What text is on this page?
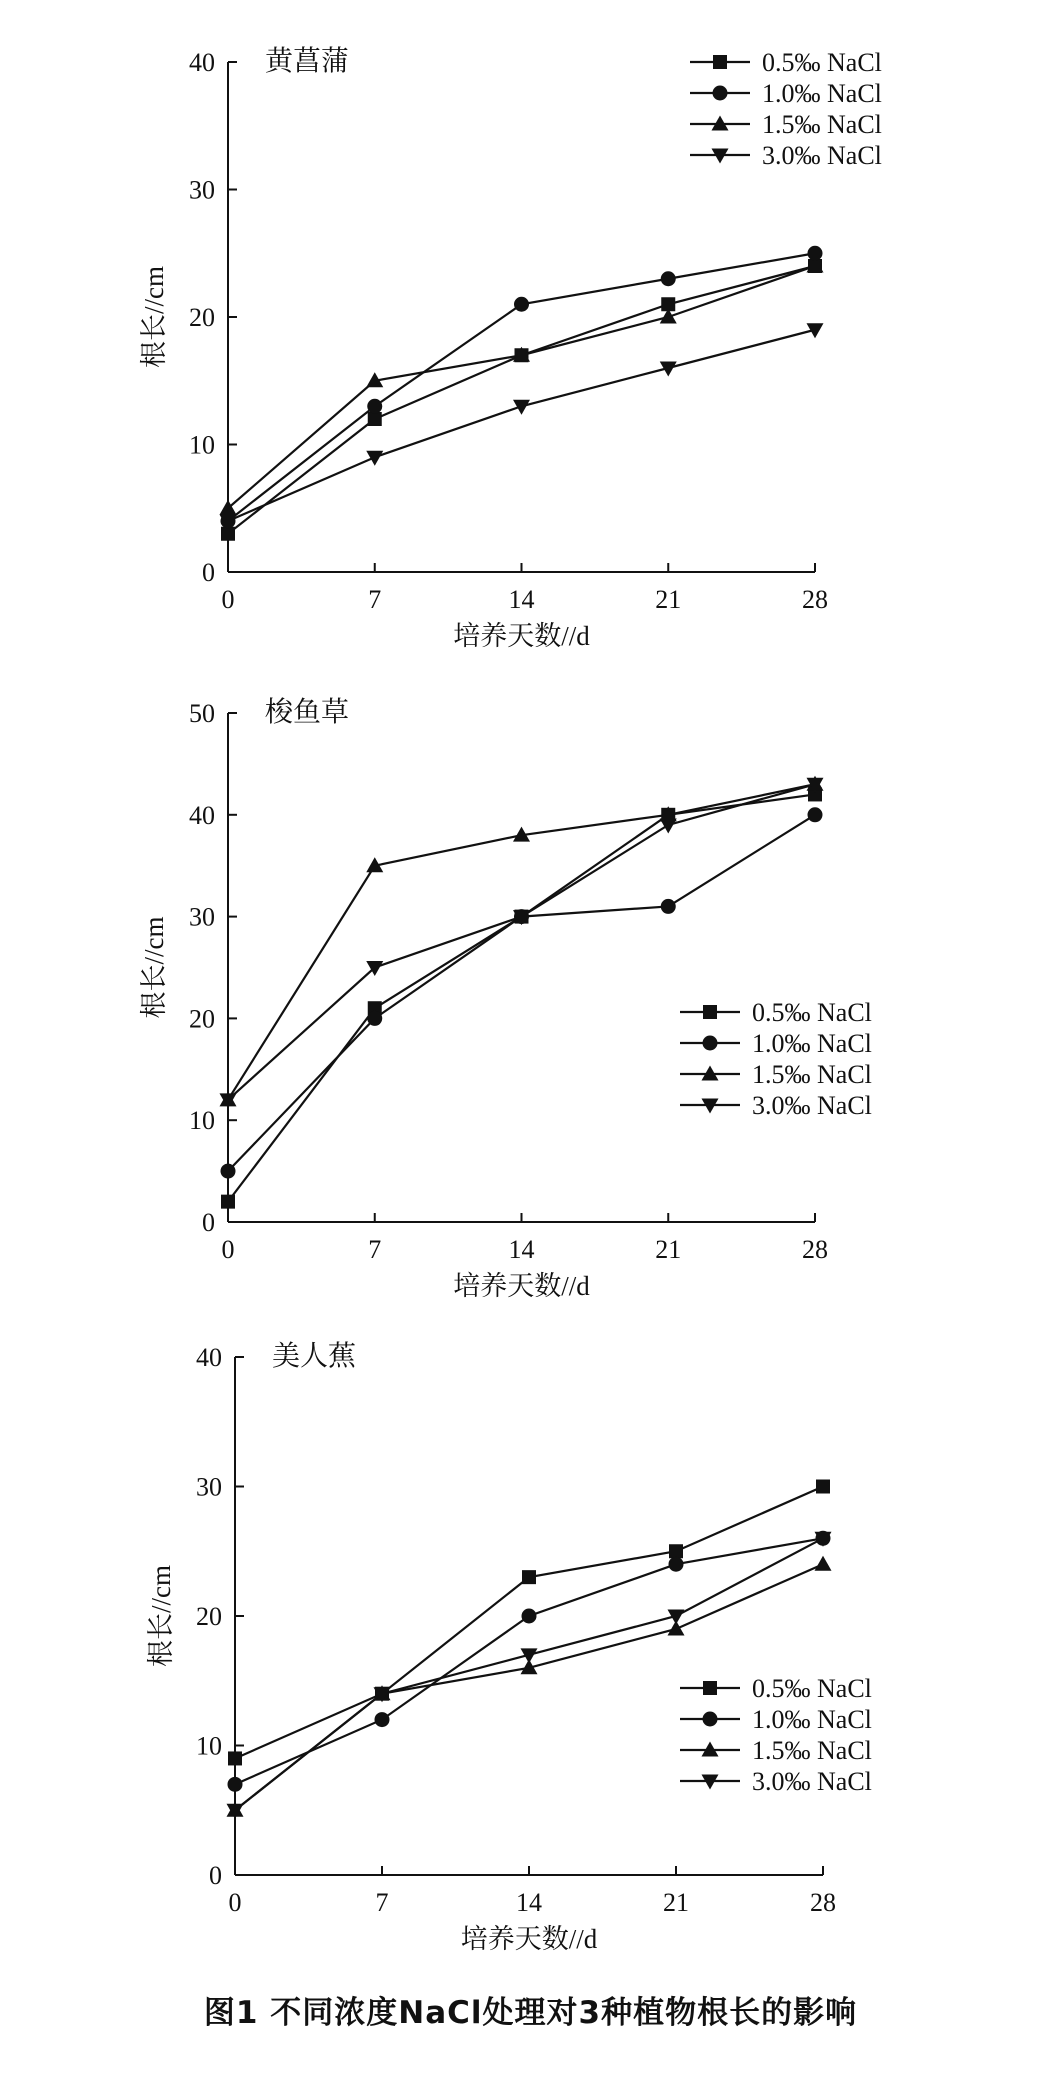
0
10
20
30
40
0	7	14	21	28
培养天数//d
根长//cm
黄菖蒲	0.5‰ NaCl
1.0‰ NaCl
1.5‰ NaCl
3.0‰ NaCl
0
10
20
30
40
50
0	7	14	21	28
培养天数//d
根长//cm
梭鱼草
0.5‰ NaCl
1.0‰ NaCl
1.5‰ NaCl
3.0‰ NaCl
0
10
20
30
40
0	7	14	21	28
培养天数//d
根长//cm
美人蕉
0.5‰ NaCl
1.0‰ NaCl
1.5‰ NaCl
3.0‰ NaCl
图1 不同浓度NaCl处理对3种植物根长的影响
